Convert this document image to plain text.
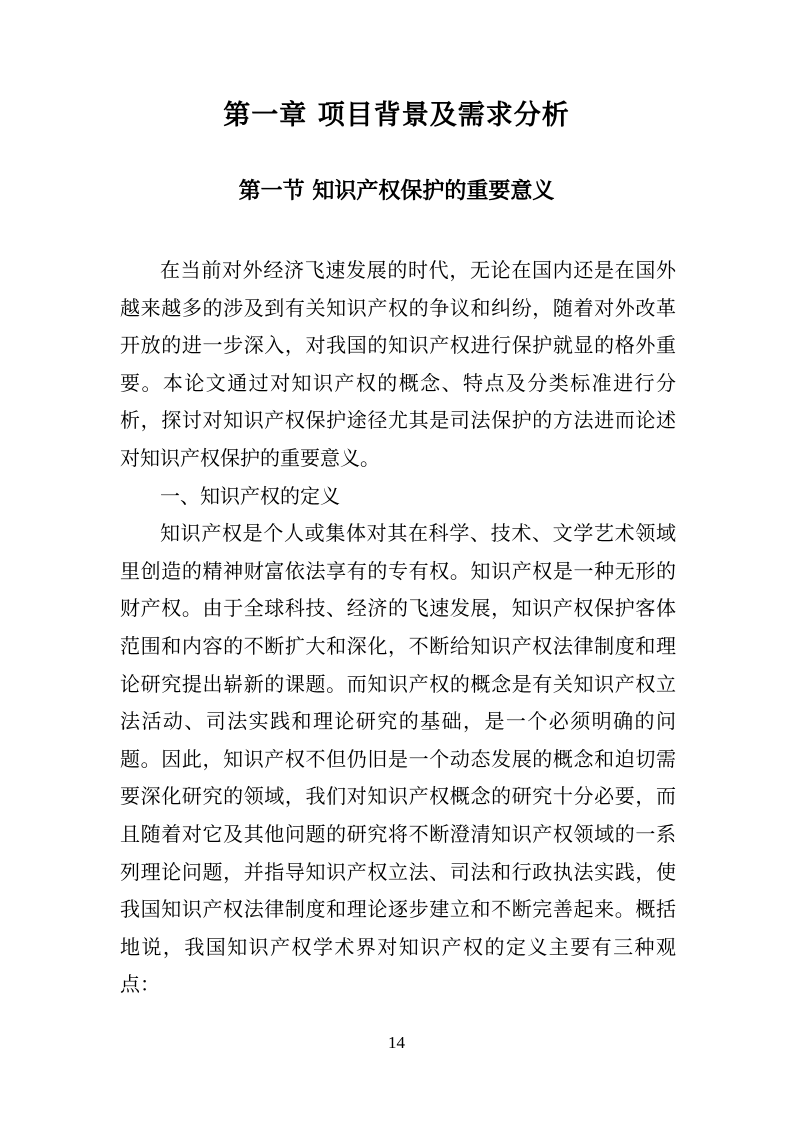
第一章 项目背景及需求分析
第一节 知识产权保护的重要意义

在当前对外经济飞速发展的时代，无论在国内还是在国外越来越多的涉及到有关知识产权的争议和纠纷，随着对外改革开放的进一步深入，对我国的知识产权进行保护就显的格外重要。本论文通过对知识产权的概念、特点及分类标准进行分析，探讨对知识产权保护途径尤其是司法保护的方法进而论述对知识产权保护的重要意义。

一、知识产权的定义

知识产权是个人或集体对其在科学、技术、文学艺术领域里创造的精神财富依法享有的专有权。知识产权是一种无形的财产权。由于全球科技、经济的飞速发展，知识产权保护客体范围和内容的不断扩大和深化，不断给知识产权法律制度和理论研究提出崭新的课题。而知识产权的概念是有关知识产权立法活动、司法实践和理论研究的基础，是一个必须明确的问题。因此，知识产权不但仍旧是一个动态发展的概念和迫切需要深化研究的领域，我们对知识产权概念的研究十分必要，而且随着对它及其他问题的研究将不断澄清知识产权领域的一系列理论问题，并指导知识产权立法、司法和行政执法实践，使我国知识产权法律制度和理论逐步建立和不断完善起来。概括地说，我国知识产权学术界对知识产权的定义主要有三种观点：

14
